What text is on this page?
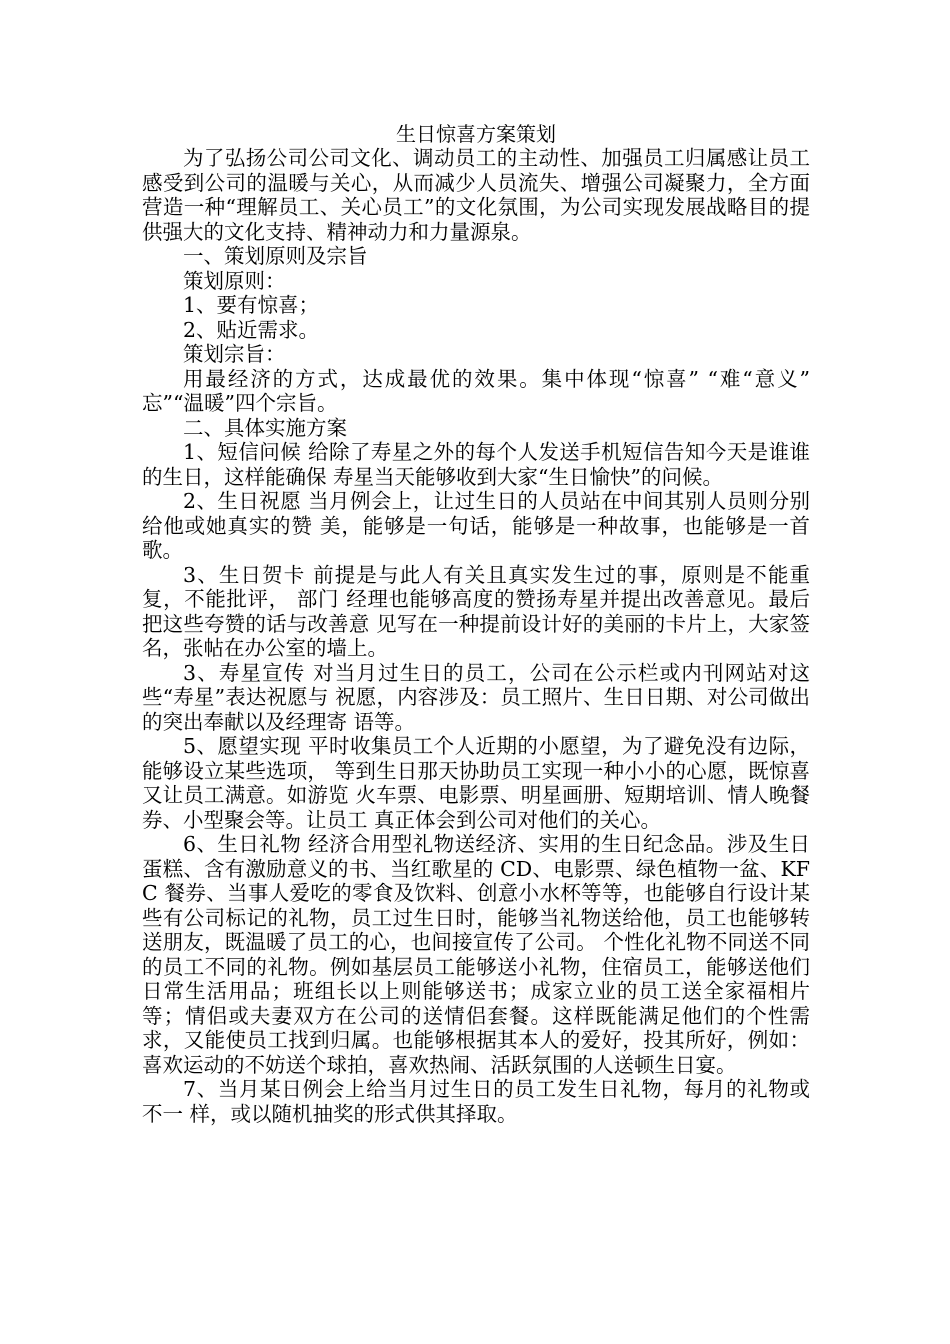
生日惊喜方案策划

为了弘扬公司公司文化、调动员工的主动性、加强员工归属感让员工感受到公司的温暖与关心，从而减少人员流失、增强公司凝聚力，全方面营造一种“理解员工、关心员工”的文化氛围，为公司实现发展战略目的提供强大的文化支持、精神动力和力量源泉。

一、策划原则及宗旨

策划原则：

1、要有惊喜；

2、贴近需求。

策划宗旨：

用最经济的方式，达成最优的效果。集中体现“惊喜” “难“意义” 忘”“温暖”四个宗旨。

二、具体实施方案

1、短信问候 给除了寿星之外的每个人发送手机短信告知今天是谁谁的生日，这样能确保 寿星当天能够收到大家“生日愉快”的问候。

2、生日祝愿 当月例会上，让过生日的人员站在中间其别人员则分别给他或她真实的赞 美，能够是一句话，能够是一种故事，也能够是一首歌。

3、生日贺卡 前提是与此人有关且真实发生过的事，原则是不能重复，不能批评， 部门 经理也能够高度的赞扬寿星并提出改善意见。最后把这些夸赞的话与改善意 见写在一种提前设计好的美丽的卡片上，大家签名，张帖在办公室的墙上。

3、寿星宣传 对当月过生日的员工，公司在公示栏或内刊网站对这些“寿星”表达祝愿与 祝愿，内容涉及：员工照片、生日日期、对公司做出的突出奉献以及经理寄 语等。

5、愿望实现 平时收集员工个人近期的小愿望，为了避免没有边际，能够设立某些选项， 等到生日那天协助员工实现一种小小的心愿，既惊喜又让员工满意。如游览 火车票、电影票、明星画册、短期培训、情人晚餐券、小型聚会等。让员工 真正体会到公司对他们的关心。

6、生日礼物 经济合用型礼物送经济、实用的生日纪念品。涉及生日蛋糕、含有激励意义的书、当红歌星的 CD、电影票、绿色植物一盆、KFC 餐券、当事人爱吃的零食及饮料、创意小水杯等等，也能够自行设计某些有公司标记的礼物，员工过生日时，能够当礼物送给他，员工也能够转送朋友，既温暖了员工的心，也间接宣传了公司。 个性化礼物不同送不同的员工不同的礼物。例如基层员工能够送小礼物，住宿员工，能够送他们日常生活用品；班组长以上则能够送书；成家立业的员工送全家福相片等；情侣或夫妻双方在公司的送情侣套餐。这样既能满足他们的个性需求，又能使员工找到归属。也能够根据其本人的爱好，投其所好，例如：喜欢运动的不妨送个球拍，喜欢热闹、活跃氛围的人送顿生日宴。

7、当月某日例会上给当月过生日的员工发生日礼物，每月的礼物或不一 样，或以随机抽奖的形式供其择取。
